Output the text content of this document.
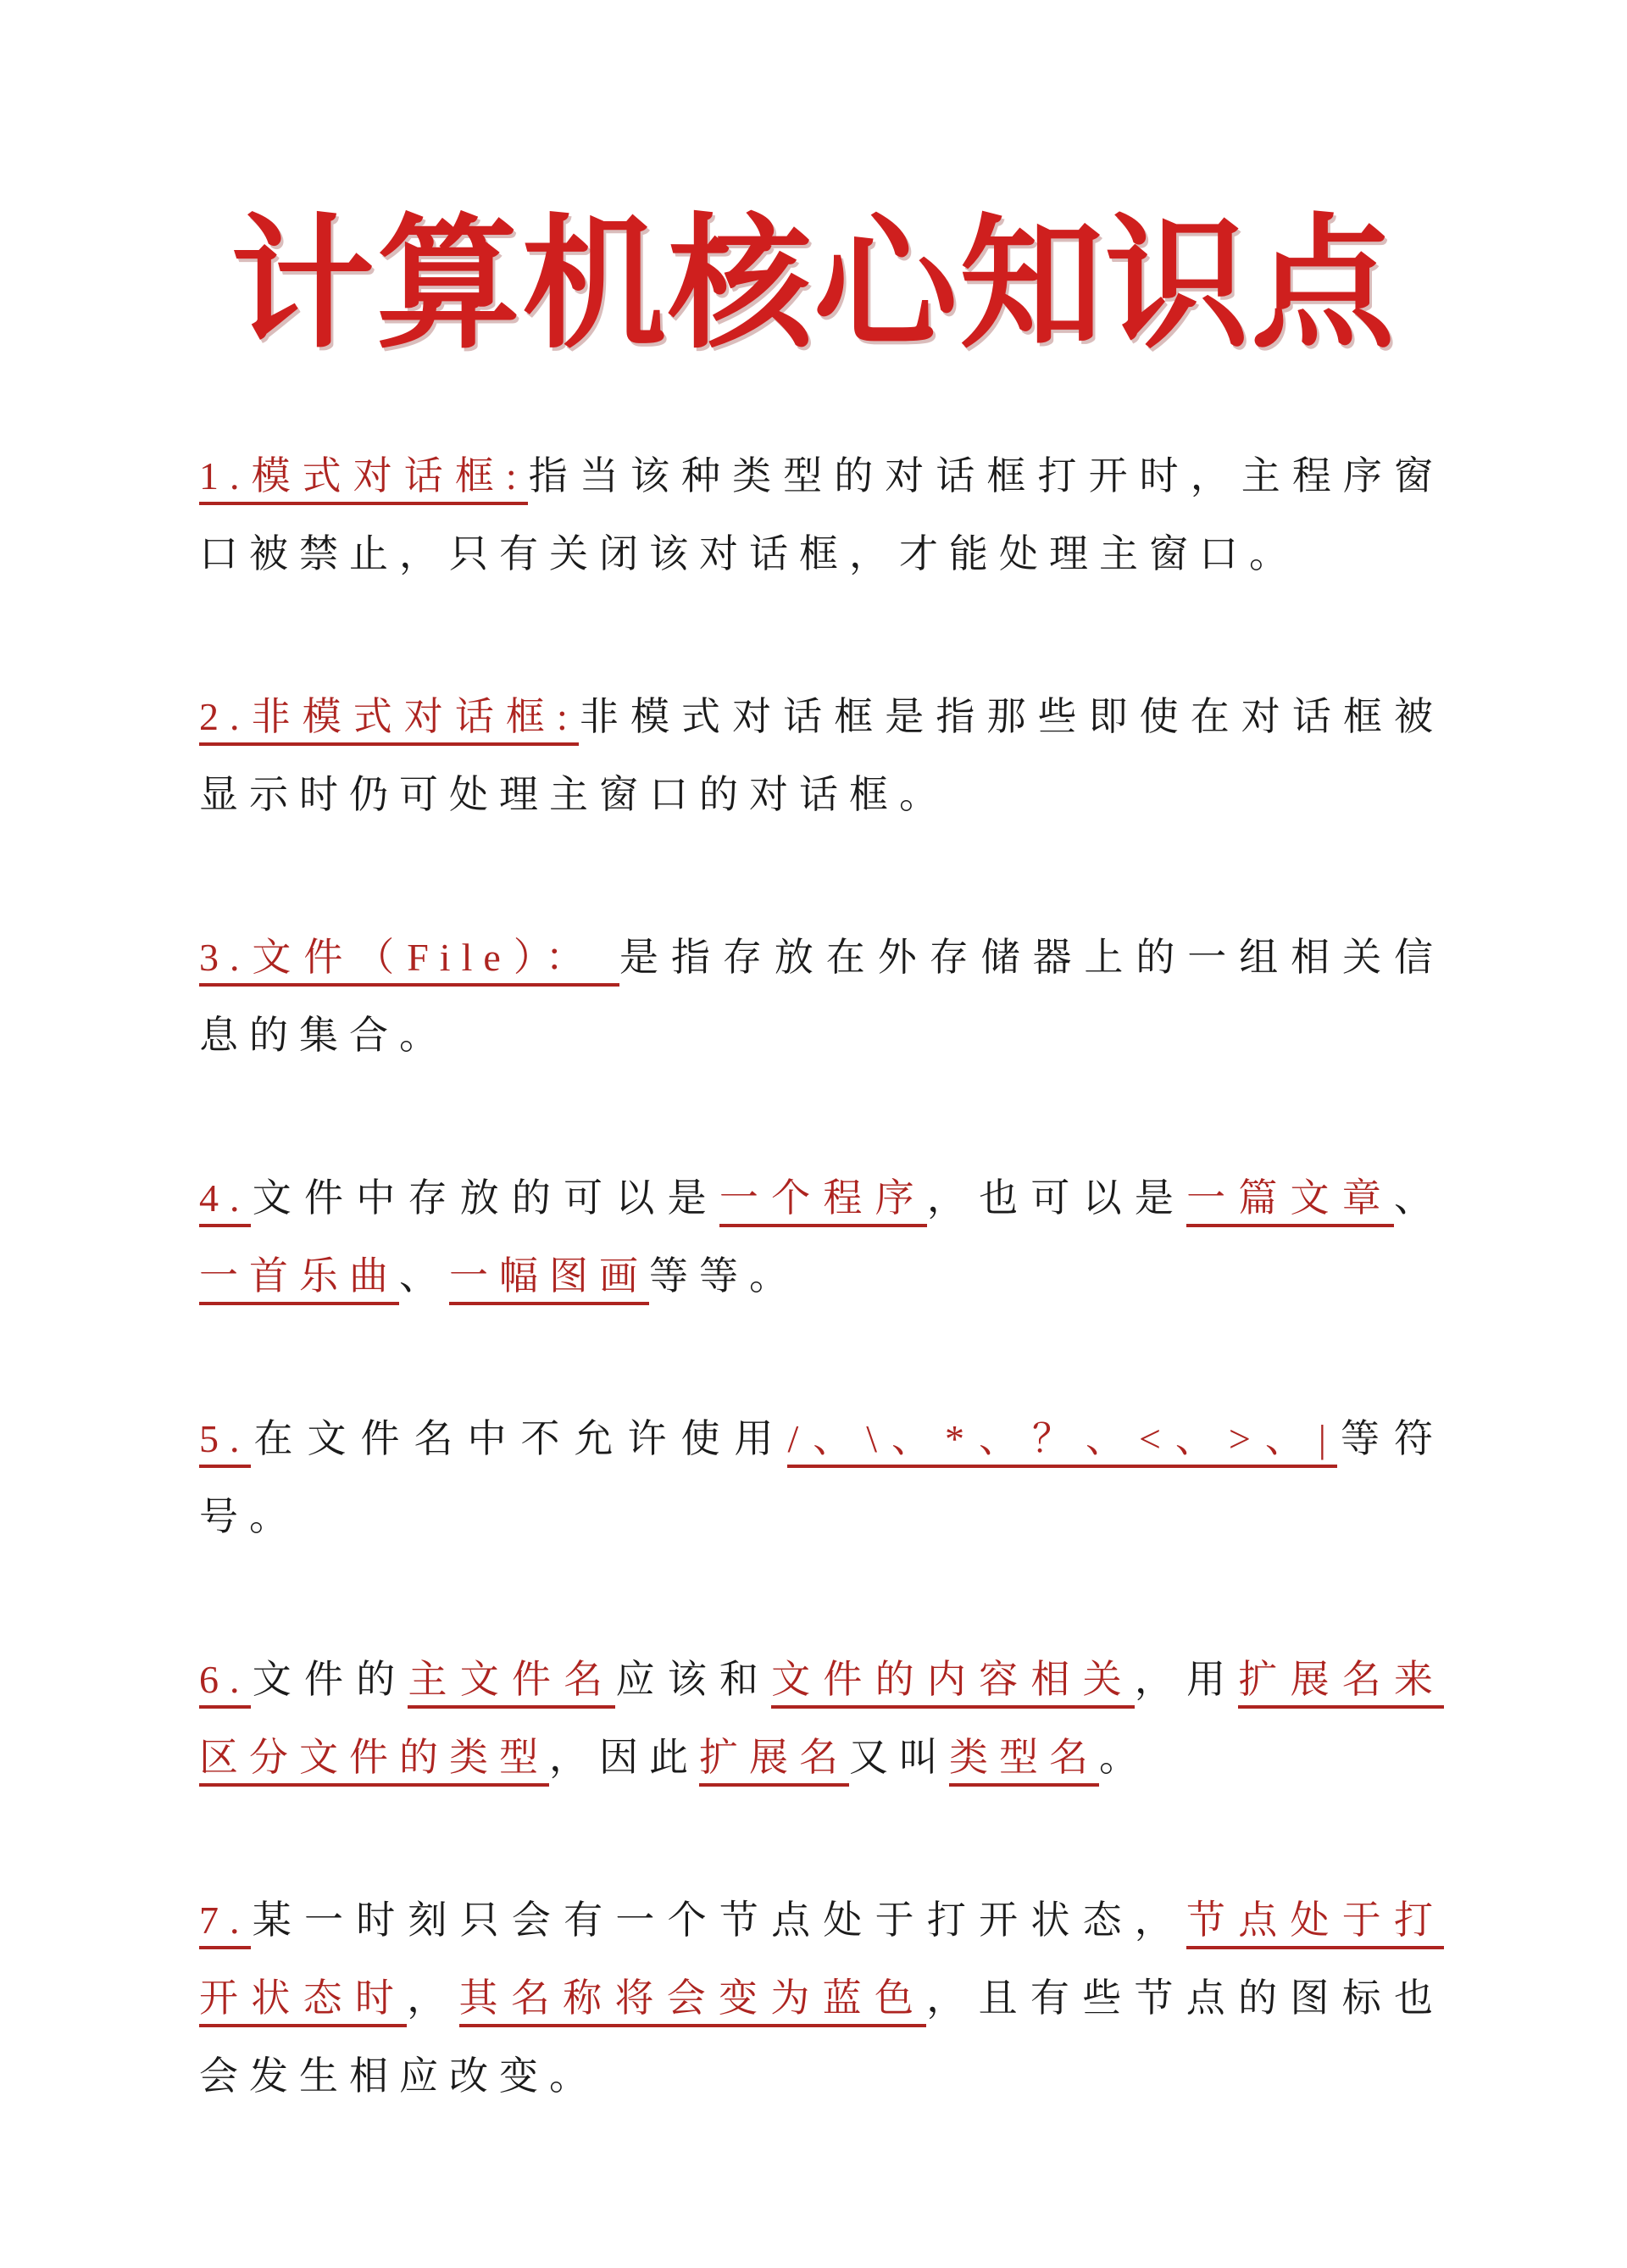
计算机核心知识点

1.模式对话框:指当该种类型的对话框打开时，主程序窗口被禁止，只有关闭该对话框，才能处理主窗口。

2.非模式对话框:非模式对话框是指那些即使在对话框被显示时仍可处理主窗口的对话框。

3.文件（File）： 是指存放在外存储器上的一组相关信息的集合。

4.文件中存放的可以是一个程序，也可以是一篇文章、一首乐曲、一幅图画等等。

5.在文件名中不允许使用/、\、*、？、<、>、|等符号。

6.文件的主文件名应该和文件的内容相关，用扩展名来区分文件的类型，因此扩展名又叫类型名。

7.某一时刻只会有一个节点处于打开状态，节点处于打开状态时，其名称将会变为蓝色，且有些节点的图标也会发生相应改变。
